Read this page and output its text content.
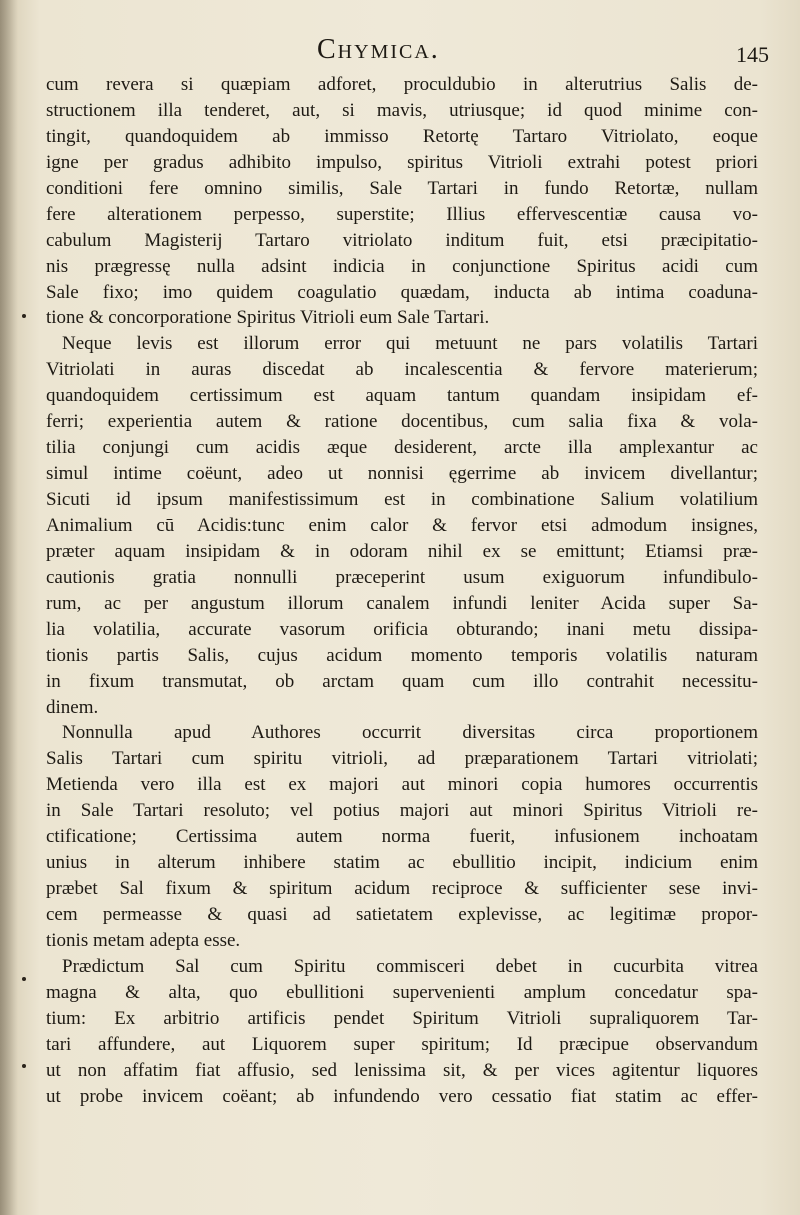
Chymica.	145
cum revera si quæpiam adforet, proculdubio in alterutrius Salis de-
structionem illa tenderet, aut, si mavis, utriusque; id quod minime con-
tingit, quandoquidem ab immisso Retortę Tartaro Vitriolato, eoque
igne per gradus adhibito impulso, spiritus Vitrioli extrahi potest priori
conditioni fere omnino similis, Sale Tartari in fundo Retortæ, nullam
fere alterationem perpesso, superstite; Illius effervescentiæ causa vo-
cabulum Magisterij Tartaro vitriolato inditum fuit, etsi præcipitatio-
nis prægressę nulla adsint indicia in conjunctione Spiritus acidi cum
Sale fixo; imo quidem coagulatio quædam, inducta ab intima coaduna-
tione & concorporatione Spiritus Vitrioli eum Sale Tartari.
Neque levis est illorum error qui metuunt ne pars volatilis Tartari
Vitriolati in auras discedat ab incalescentia & fervore materierum;
quandoquidem certissimum est aquam tantum quandam insipidam ef-
ferri; experientia autem & ratione docentibus, cum salia fixa & vola-
tilia conjungi cum acidis æque desiderent, arcte illa amplexantur ac
simul intime coëunt, adeo ut nonnisi ęgerrime ab invicem divellantur;
Sicuti id ipsum manifestissimum est in combinatione Salium volatilium
Animalium cū Acidis:tunc enim calor & fervor etsi admodum insignes,
præter aquam insipidam & in odoram nihil ex se emittunt; Etiamsi præ-
cautionis gratia nonnulli præceperint usum exiguorum infundibulo-
rum, ac per angustum illorum canalem infundi leniter Acida super Sa-
lia volatilia, accurate vasorum orificia obturando; inani metu dissipa-
tionis partis Salis, cujus acidum momento temporis volatilis naturam
in fixum transmutat, ob arctam quam cum illo contrahit necessitu-
dinem.
Nonnulla apud Authores occurrit diversitas circa proportionem
Salis Tartari cum spiritu vitrioli, ad præparationem Tartari vitriolati;
Metienda vero illa est ex majori aut minori copia humores occurrentis
in Sale Tartari resoluto; vel potius majori aut minori Spiritus Vitrioli re-
ctificatione; Certissima autem norma fuerit, infusionem inchoatam
unius in alterum inhibere statim ac ebullitio incipit, indicium enim
præbet Sal fixum & spiritum acidum reciproce & sufficienter sese invi-
cem permeasse & quasi ad satietatem explevisse, ac legitimæ propor-
tionis metam adepta esse.
Prædictum Sal cum Spiritu commisceri debet in cucurbita vitrea
magna & alta, quo ebullitioni supervenienti amplum concedatur spa-
tium: Ex arbitrio artificis pendet Spiritum Vitrioli supraliquorem Tar-
tari affundere, aut Liquorem super spiritum; Id præcipue observandum
ut non affatim fiat affusio, sed lenissima sit, & per vices agitentur liquores
ut probe invicem coëant; ab infundendo vero cessatio fiat statim ac effer-
